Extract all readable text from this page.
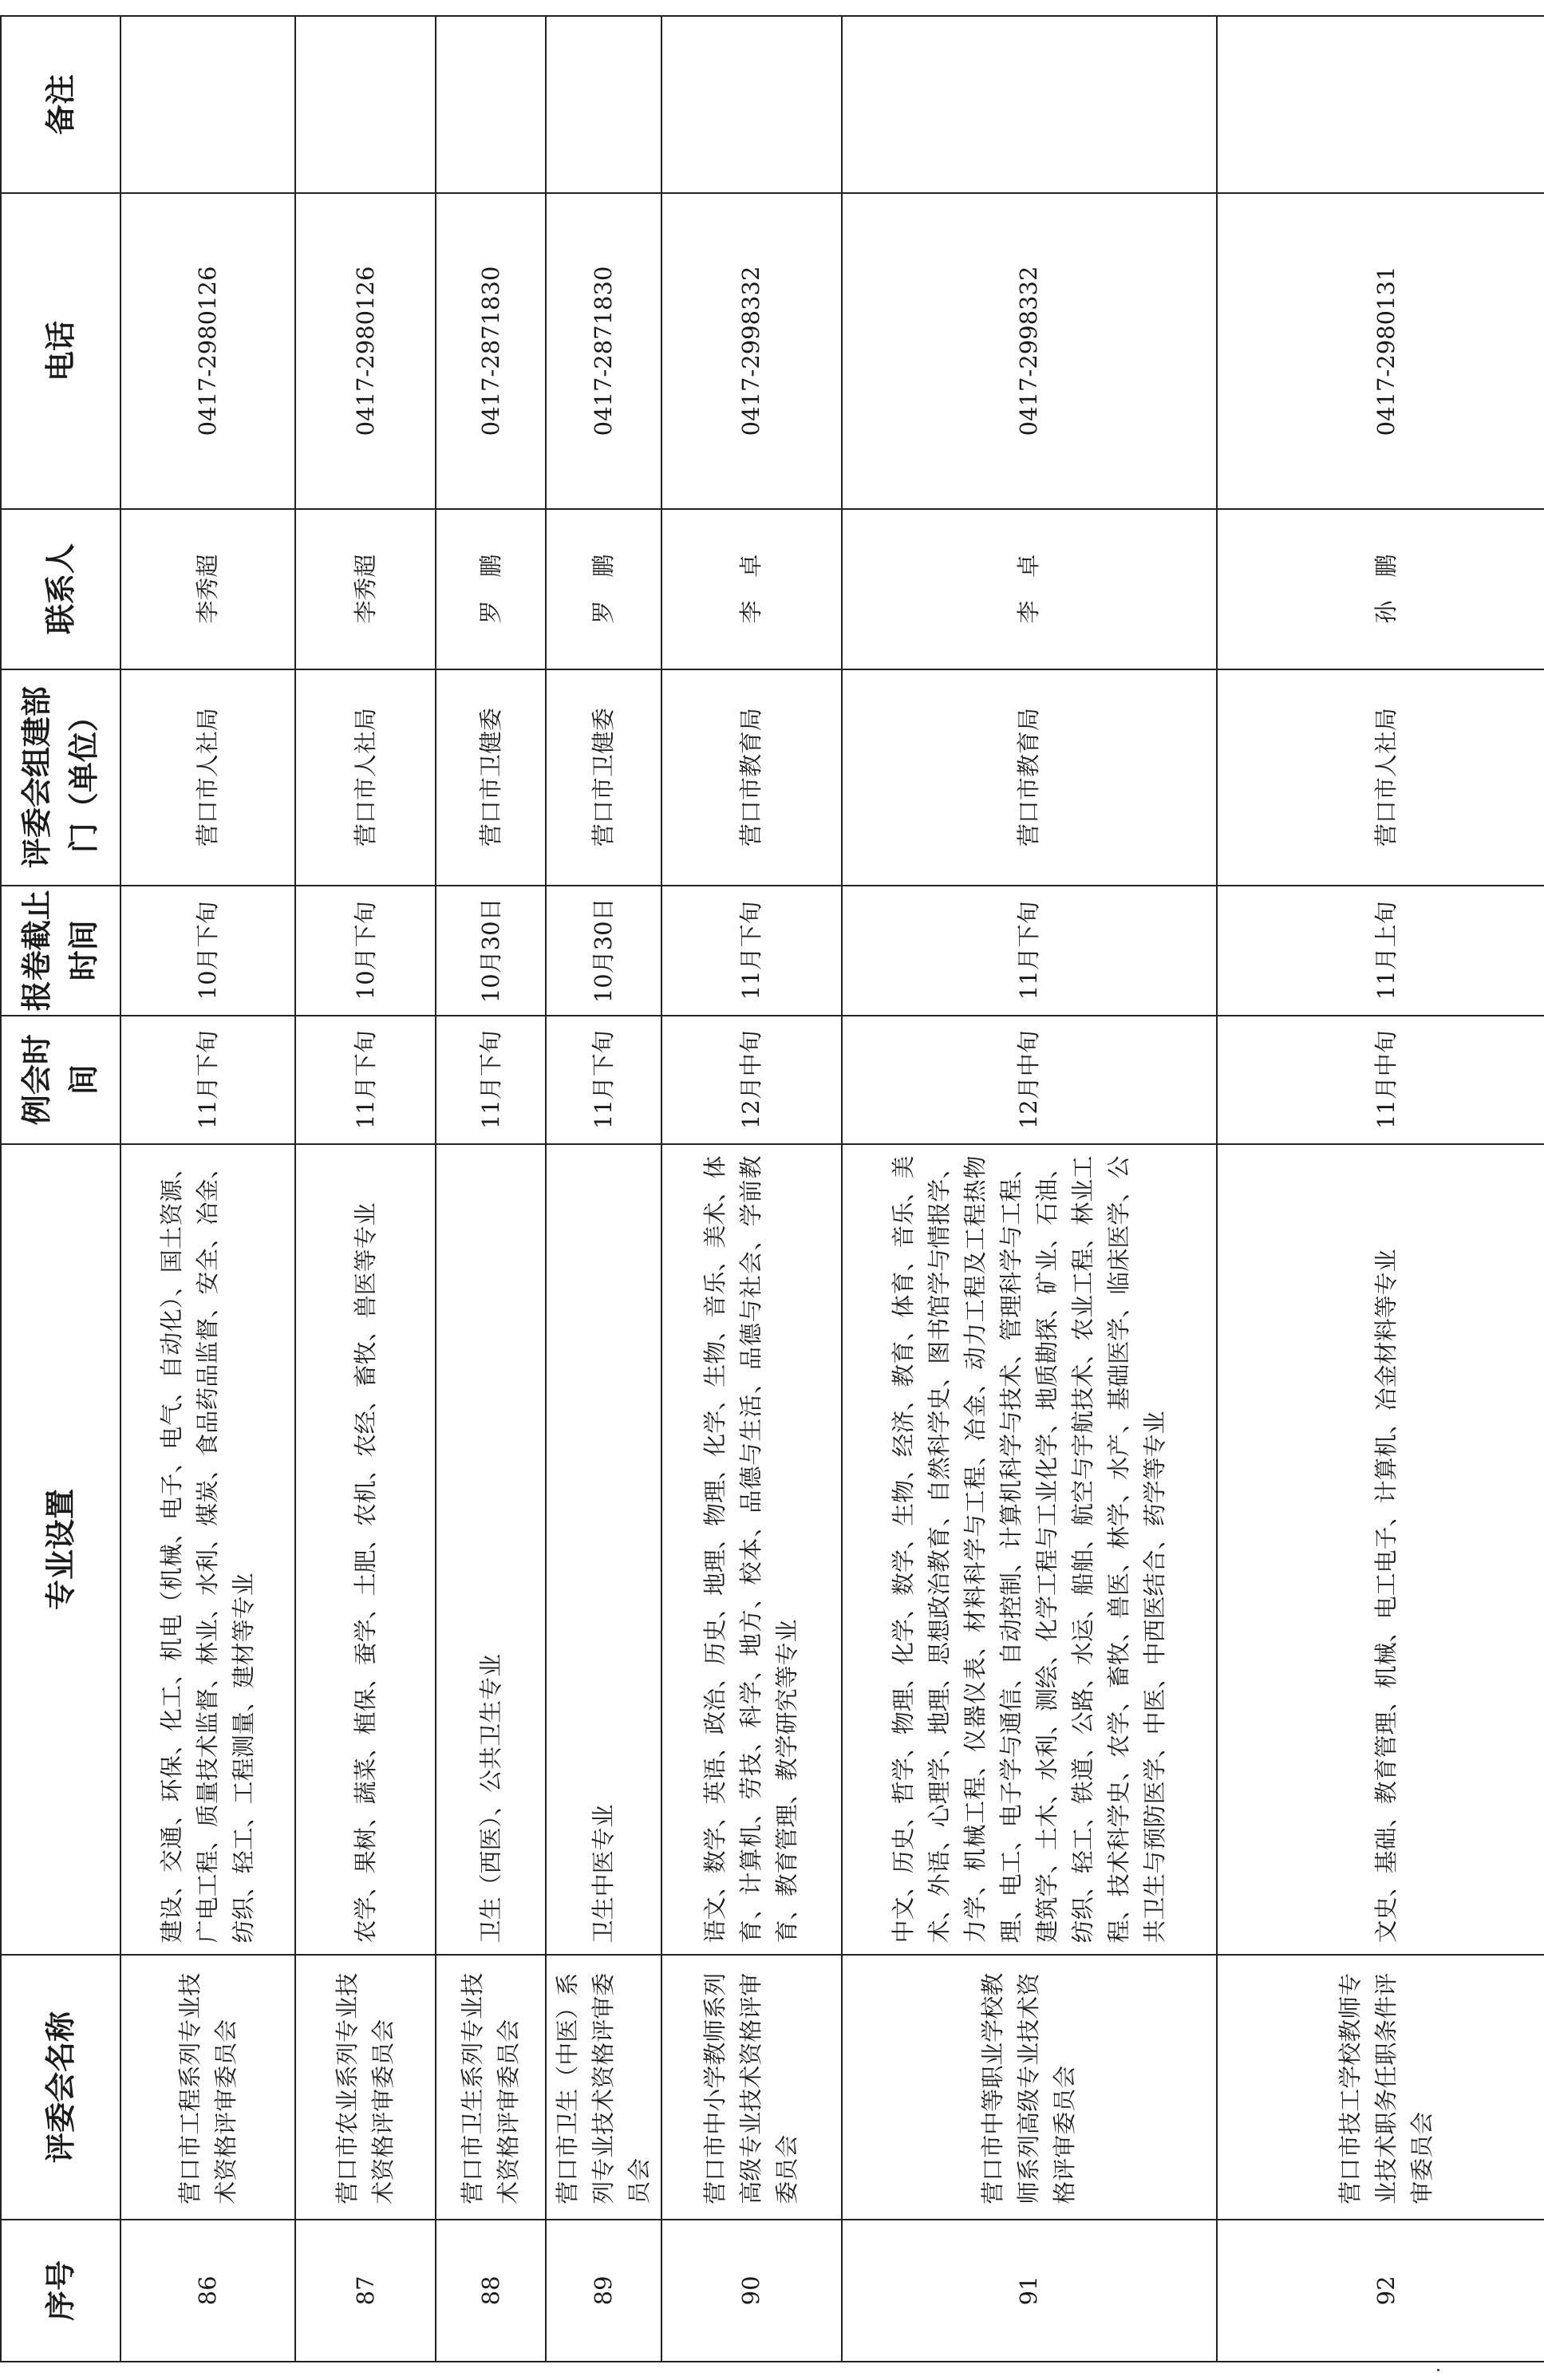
˙
序号	评委会名称	专业设置	例会时间	报卷截止时间	评委会组建部门（单位）	联系人	电话	备注
86	营口市工程系列专业技术资格评审委员会	建设、交通、环保、化工、机电（机械、电子、电气、自动化）、国土资源、广电工程、质量技术监督、林业、水利、煤炭、食品药品监督、安全、冶金、纺织、轻工、工程测量、建材等专业	11月下旬	10月下旬	营口市人社局	李秀超	0417-2980126	
87	营口市农业系列专业技术资格评审委员会	农学、果树、蔬菜、植保、蚕学、土肥、农机、农经、畜牧、兽医等专业	11月下旬	10月下旬	营口市人社局	李秀超	0417-2980126	
88	营口市卫生系列专业技术资格评审委员会	卫生（西医）、公共卫生专业	11月下旬	10月30日	营口市卫健委	罗　鹏	0417-2871830	
89	营口市卫生（中医）系列专业技术资格评审委员会	卫生中医专业	11月下旬	10月30日	营口市卫健委	罗　鹏	0417-2871830	
90	营口市中小学教师系列高级专业技术资格评审委员会	语文、数学、英语、政治、历史、地理、物理、化学、生物、音乐、美术、体育、计算机、劳技、科学、地方、校本、品德与生活、品德与社会、学前教育、教育管理、教学研究等专业	12月中旬	11月下旬	营口市教育局	李　卓	0417-2998332	
91	营口市中等职业学校教师系列高级专业技术资格评审委员会	中文、历史、哲学、物理、化学、数学、生物、经济、教育、体育、音乐、美术、外语、心理学、地理、思想政治教育、自然科学史、图书馆学与情报学、力学、机械工程、仪器仪表、材料科学与工程、冶金、动力工程及工程热物理、电工、电子学与通信、自动控制、计算机科学与技术、管理科学与工程、建筑学、土木、水利、测绘、化学工程与工业化学、地质勘探、矿业、石油、纺织、轻工、铁道、公路、水运、船舶、航空与宇航技术、农业工程、林业工程、技术科学史、农学、畜牧、兽医、林学、水产、基础医学、临床医学、公共卫生与预防医学、中医、中西医结合、药学等专业	12月中旬	11月下旬	营口市教育局	李　卓	0417-2998332	
92	营口市技工学校教师专业技术职务任职条件评审委员会	文史、基础、教育管理、机械、电工电子、计算机、冶金材料等专业	11月中旬	11月上旬	营口市人社局	孙　鹏	0417-2980131	
